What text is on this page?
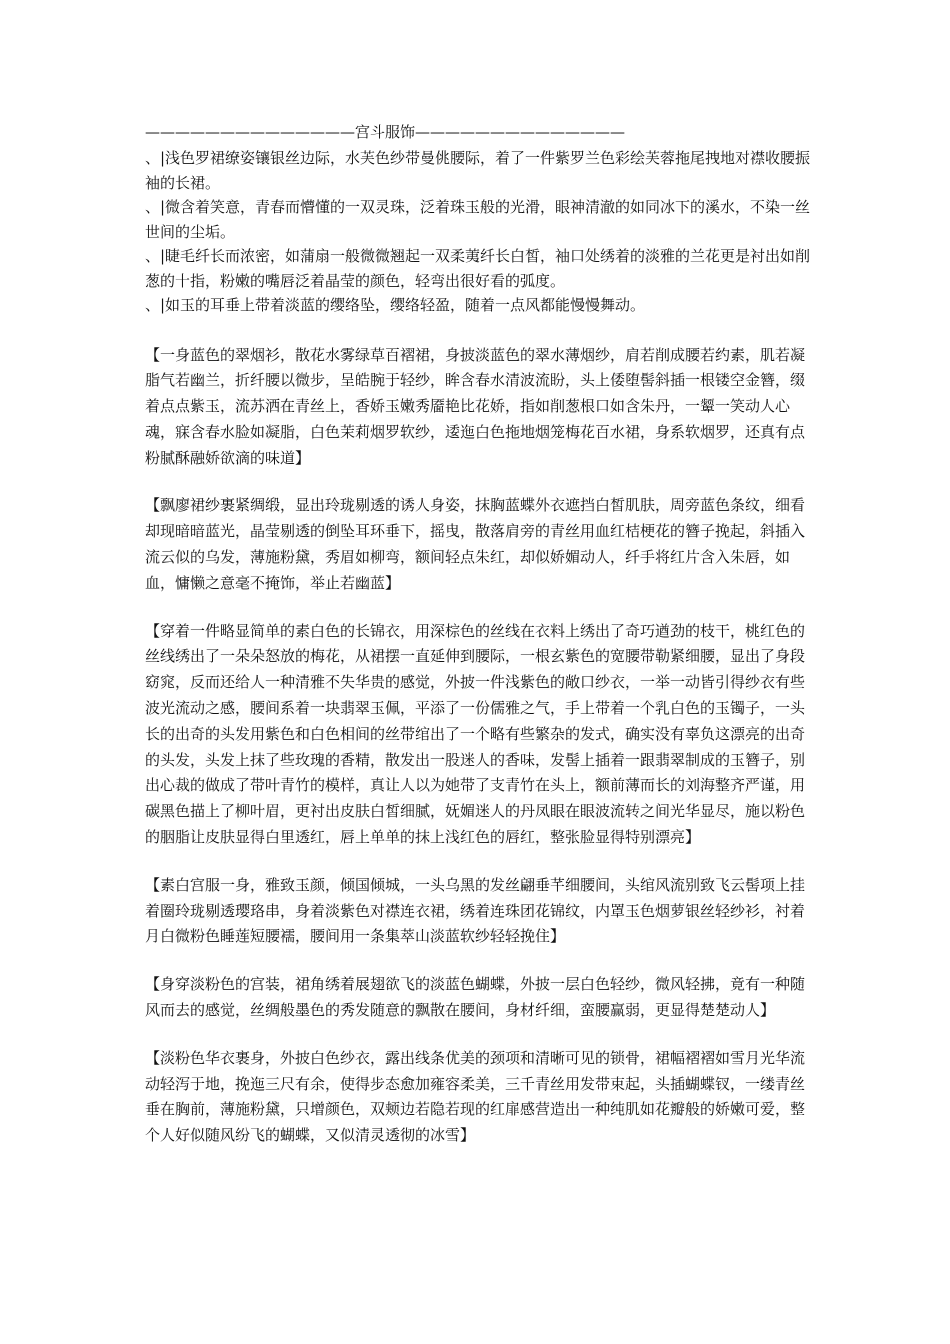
——————————————宫斗服饰——————————————

、|浅色罗裙缭姿镶银丝边际，水芙色纱带曼佻腰际，着了一件紫罗兰色彩绘芙蓉拖尾拽地对襟收腰振袖的长裙。

、|微含着笑意，青春而懵懂的一双灵珠，泛着珠玉般的光滑，眼神清澈的如同冰下的溪水，不染一丝世间的尘垢。

、|睫毛纤长而浓密，如蒲扇一般微微翘起一双柔荑纤长白皙，袖口处绣着的淡雅的兰花更是衬出如削葱的十指，粉嫩的嘴唇泛着晶莹的颜色，轻弯出很好看的弧度。

、|如玉的耳垂上带着淡蓝的缨络坠，缨络轻盈，随着一点风都能慢慢舞动。

【一身蓝色的翠烟衫，散花水雾绿草百褶裙，身披淡蓝色的翠水薄烟纱，肩若削成腰若约素，肌若凝脂气若幽兰，折纤腰以微步，呈皓腕于轻纱，眸含春水清波流盼，头上倭堕髻斜插一根镂空金簪，缀着点点紫玉，流苏洒在青丝上，香娇玉嫩秀靥艳比花娇，指如削葱根口如含朱丹，一颦一笑动人心魂，寐含春水脸如凝脂，白色茉莉烟罗软纱，逶迤白色拖地烟笼梅花百水裙，身系软烟罗，还真有点粉腻酥融娇欲滴的味道】

【飘廖裙纱裹紧绸缎，显出玲珑剔透的诱人身姿，抹胸蓝蝶外衣遮挡白皙肌肤，周旁蓝色条纹，细看却现暗暗蓝光，晶莹剔透的倒坠耳环垂下，摇曳，散落肩旁的青丝用血红桔梗花的簪子挽起，斜插入流云似的乌发，薄施粉黛，秀眉如柳弯，额间轻点朱红，却似娇媚动人，纤手将红片含入朱唇，如血，慵懒之意毫不掩饰，举止若幽蓝】

【穿着一件略显简单的素白色的长锦衣，用深棕色的丝线在衣料上绣出了奇巧遒劲的枝干，桃红色的丝线绣出了一朵朵怒放的梅花，从裙摆一直延伸到腰际，一根玄紫色的宽腰带勒紧细腰，显出了身段窈窕，反而还给人一种清雅不失华贵的感觉，外披一件浅紫色的敞口纱衣，一举一动皆引得纱衣有些波光流动之感，腰间系着一块翡翠玉佩，平添了一份儒雅之气，手上带着一个乳白色的玉镯子，一头长的出奇的头发用紫色和白色相间的丝带绾出了一个略有些繁杂的发式，确实没有辜负这漂亮的出奇的头发，头发上抹了些玫瑰的香精，散发出一股迷人的香味，发髻上插着一跟翡翠制成的玉簪子，别出心裁的做成了带叶青竹的模样，真让人以为她带了支青竹在头上，额前薄而长的刘海整齐严谨，用碳黑色描上了柳叶眉，更衬出皮肤白皙细腻，妩媚迷人的丹凤眼在眼波流转之间光华显尽，施以粉色的胭脂让皮肤显得白里透红，唇上单单的抹上浅红色的唇红，整张脸显得特别漂亮】

【素白宫服一身，雅致玉颜，倾国倾城，一头乌黑的发丝翩垂芊细腰间，头绾风流别致飞云髻项上挂着圈玲珑剔透璎珞串，身着淡紫色对襟连衣裙，绣着连珠团花锦纹，内罩玉色烟萝银丝轻纱衫，衬着月白微粉色睡莲短腰襦，腰间用一条集萃山淡蓝软纱轻轻挽住】

【身穿淡粉色的宫装，裙角绣着展翅欲飞的淡蓝色蝴蝶，外披一层白色轻纱，微风轻拂，竟有一种随风而去的感觉，丝绸般墨色的秀发随意的飘散在腰间，身材纤细，蛮腰赢弱，更显得楚楚动人】

【淡粉色华衣裹身，外披白色纱衣，露出线条优美的颈项和清晰可见的锁骨，裙幅褶褶如雪月光华流动轻泻于地，挽迤三尺有余，使得步态愈加雍容柔美，三千青丝用发带束起，头插蝴蝶钗，一缕青丝垂在胸前，薄施粉黛，只增颜色，双颊边若隐若现的红扉感营造出一种纯肌如花瓣般的娇嫩可爱，整个人好似随风纷飞的蝴蝶，又似清灵透彻的冰雪】
